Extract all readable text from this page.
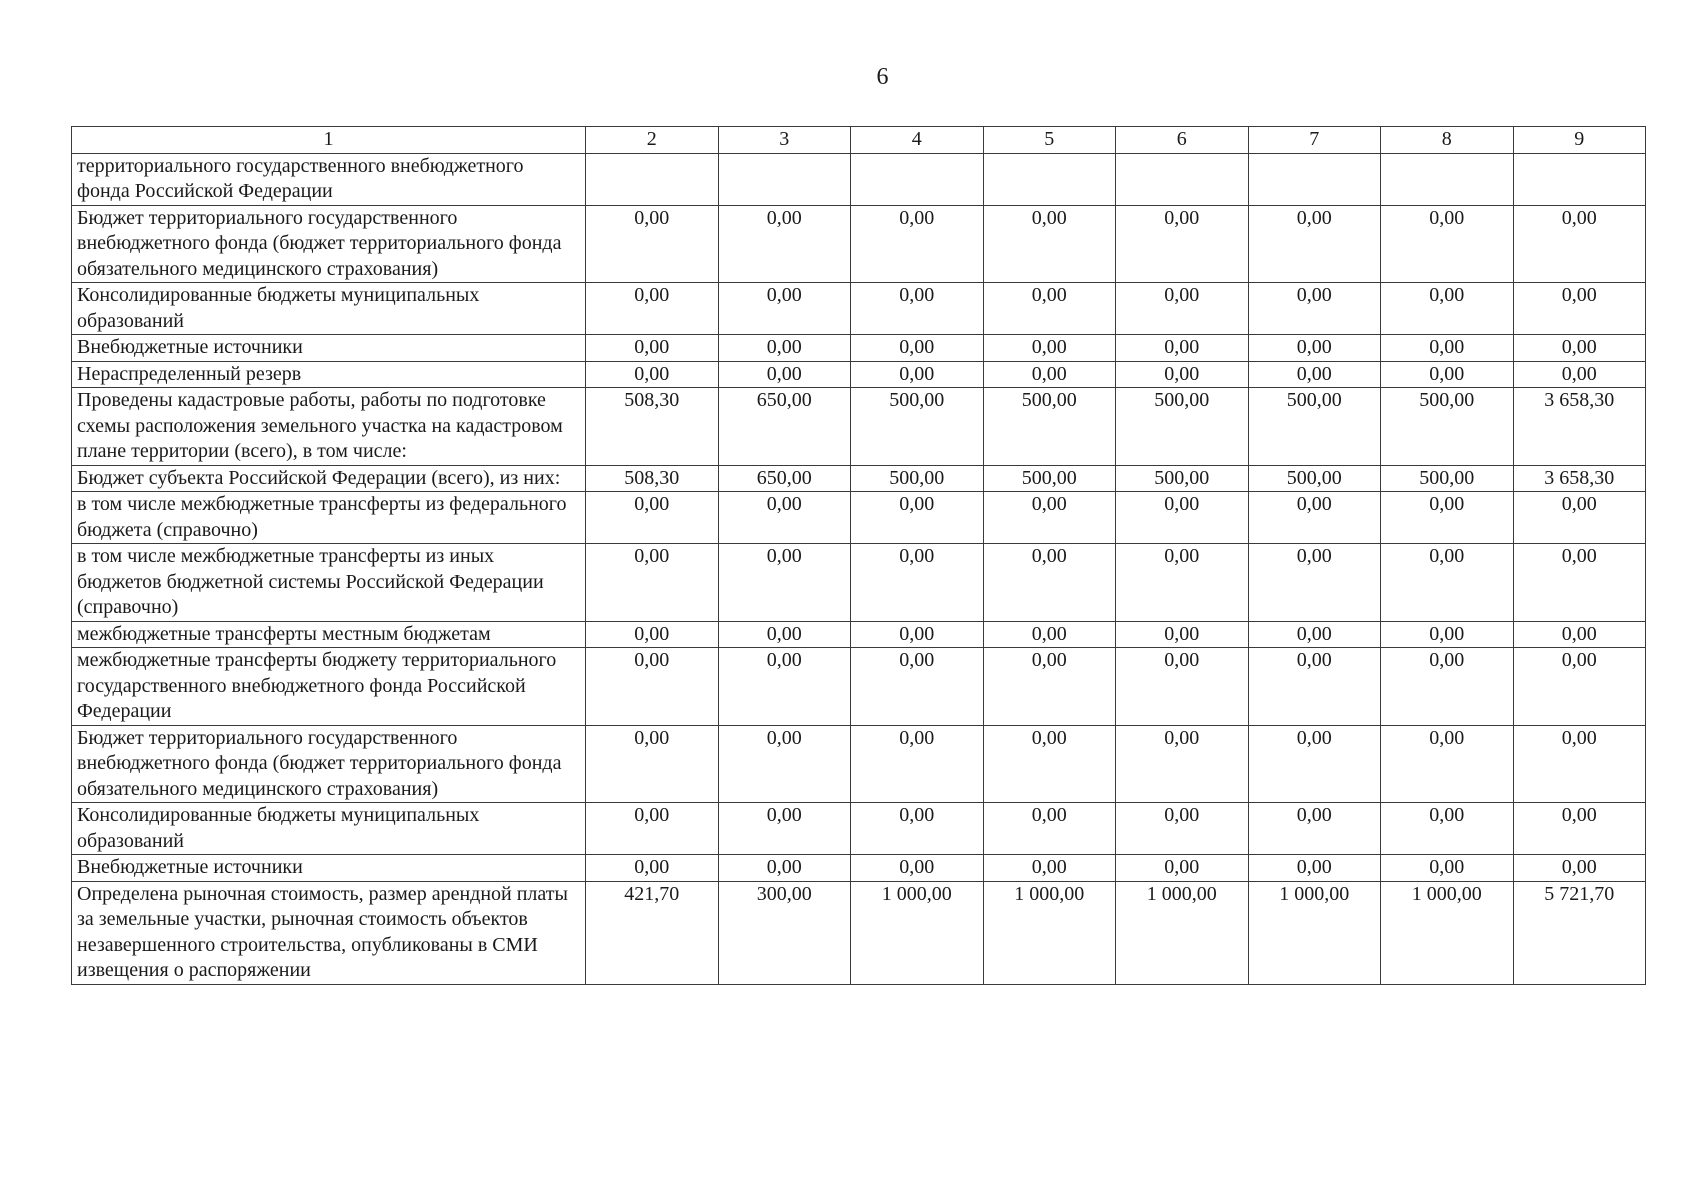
6
1	2	3	4	5	6	7	8	9
территориального государственного внебюджетного фонда Российской Федерации								
Бюджет территориального государственного внебюджетного фонда (бюджет территориального фонда обязательного медицинского страхования)	0,00	0,00	0,00	0,00	0,00	0,00	0,00	0,00
Консолидированные бюджеты муниципальных образований	0,00	0,00	0,00	0,00	0,00	0,00	0,00	0,00
Внебюджетные источники	0,00	0,00	0,00	0,00	0,00	0,00	0,00	0,00
Нераспределенный резерв	0,00	0,00	0,00	0,00	0,00	0,00	0,00	0,00
Проведены кадастровые работы, работы по подготовке схемы расположения земельного участка на кадастровом плане территории (всего), в том числе:	508,30	650,00	500,00	500,00	500,00	500,00	500,00	3 658,30
Бюджет субъекта Российской Федерации (всего), из них:	508,30	650,00	500,00	500,00	500,00	500,00	500,00	3 658,30
в том числе межбюджетные трансферты из федерального бюджета (справочно)	0,00	0,00	0,00	0,00	0,00	0,00	0,00	0,00
в том числе межбюджетные трансферты из иных бюджетов бюджетной системы Российской Федерации (справочно)	0,00	0,00	0,00	0,00	0,00	0,00	0,00	0,00
межбюджетные трансферты местным бюджетам	0,00	0,00	0,00	0,00	0,00	0,00	0,00	0,00
межбюджетные трансферты бюджету территориального государственного внебюджетного фонда Российской Федерации	0,00	0,00	0,00	0,00	0,00	0,00	0,00	0,00
Бюджет территориального государственного внебюджетного фонда (бюджет территориального фонда обязательного медицинского страхования)	0,00	0,00	0,00	0,00	0,00	0,00	0,00	0,00
Консолидированные бюджеты муниципальных образований	0,00	0,00	0,00	0,00	0,00	0,00	0,00	0,00
Внебюджетные источники	0,00	0,00	0,00	0,00	0,00	0,00	0,00	0,00
Определена рыночная стоимость, размер арендной платы за земельные участки, рыночная стоимость объектов незавершенного строительства, опубликованы в СМИ извещения о распоряжении	421,70	300,00	1 000,00	1 000,00	1 000,00	1 000,00	1 000,00	5 721,70
